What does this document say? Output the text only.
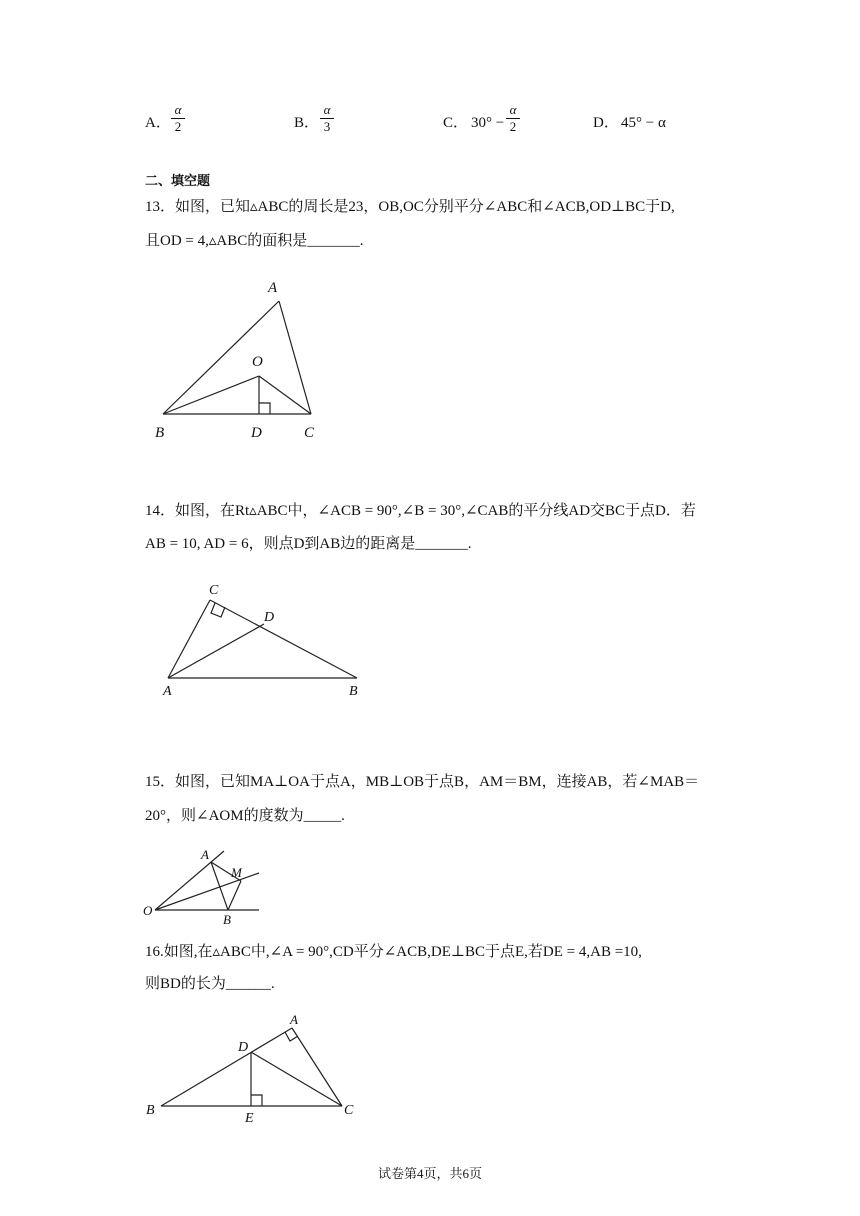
A．
α
2	B．
α
3	C． 30° −
α
2	D． 45° − α
二、填空题
13．如图，已知▵ABC的周长是23，OB,OC分别平分∠ABC和∠ACB,OD⊥BC于D,
且OD = 4,▵ABC的面积是_______.
A
O
B	D	C
C
D
A	B
A
M
O
B
A
D
B
E
C
14．如图，在Rt▵ABC中，∠ACB = 90°,∠B = 30°,∠CAB的平分线AD交BC于点D．若
AB = 10, AD = 6，则点D到AB边的距离是_______.
15．如图，已知MA⊥OA于点A，MB⊥OB于点B，AM＝BM，连接AB，若∠MAB＝
20°，则∠AOM的度数为_____.
16.如图,在▵ABC中,∠A = 90°,CD平分∠ACB,DE⊥BC于点E,若DE = 4,AB =10,
则BD的长为______.
试卷第4页，共6页
